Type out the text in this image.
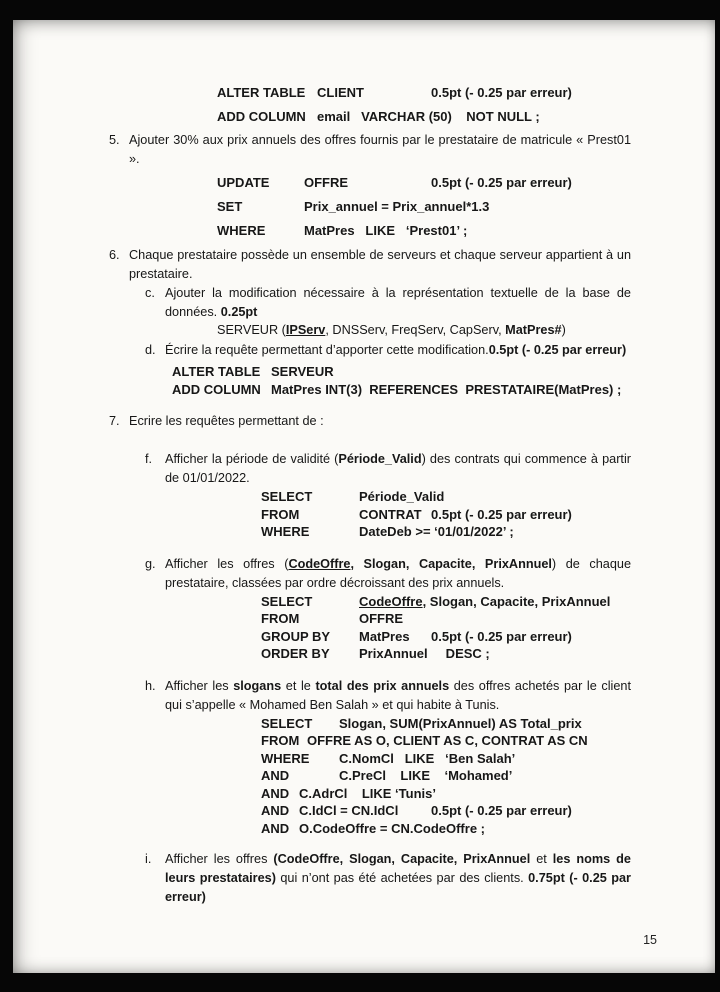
ALTER TABLE CLIENT	0.5pt (- 0.25 par erreur)
ADD COLUMN email   VARCHAR (50)    NOT NULL ;
5. Ajouter 30% aux prix annuels des offres fournis par le prestataire de matricule « Prest01 ».
UPDATE	OFFRE	0.5pt (- 0.25 par erreur)
SET	Prix_annuel = Prix_annuel*1.3
WHERE	MatPres   LIKE   ‘Prest01’ ;
6. Chaque prestataire possède un ensemble de serveurs et chaque serveur appartient à un prestataire.
c. Ajouter la modification nécessaire à la représentation textuelle de la base de données. 0.25pt
SERVEUR (IPServ, DNSServ, FreqServ, CapServ, MatPres#)
d. Écrire la requête permettant d’apporter cette modification.0.5pt (- 0.25 par erreur)
ALTER TABLE SERVEUR
ADD COLUMN MatPres INT(3)  REFERENCES  PRESTATAIRE(MatPres) ;
7. Ecrire les requêtes permettant de :
f. Afficher la période de validité (Période_Valid) des contrats qui commence à partir de 01/01/2022.
SELECT	Période_Valid
FROM	CONTRAT 0.5pt (- 0.25 par erreur)
WHERE	DateDeb >= ‘01/01/2022’ ;
g. Afficher les offres (CodeOffre, Slogan, Capacite, PrixAnnuel) de chaque prestataire, classées par ordre décroissant des prix annuels.
SELECT	CodeOffre, Slogan, Capacite, PrixAnnuel
FROM	OFFRE
GROUP BY MatPres 0.5pt (- 0.25 par erreur)
ORDER BY PrixAnnuel     DESC ;
h. Afficher les slogans et le total des prix annuels des offres achetés par le client qui s’appelle « Mohamed Ben Salah » et qui habite à Tunis.
SELECT Slogan, SUM(PrixAnnuel) AS Total_prix
FROM OFFRE AS O, CLIENT AS C, CONTRAT AS CN
WHERE C.NomCl   LIKE   ‘Ben Salah’
AND	C.PreCl    LIKE    ‘Mohamed’
AND C.AdrCl    LIKE ‘Tunis’
AND C.IdCl = CN.IdCl	0.5pt (- 0.25 par erreur)
AND O.CodeOffre = CN.CodeOffre ;
i. Afficher les offres (CodeOffre, Slogan, Capacite, PrixAnnuel et les noms de leurs prestataires) qui n’ont pas été achetées par des clients. 0.75pt (- 0.25 par erreur)
15
